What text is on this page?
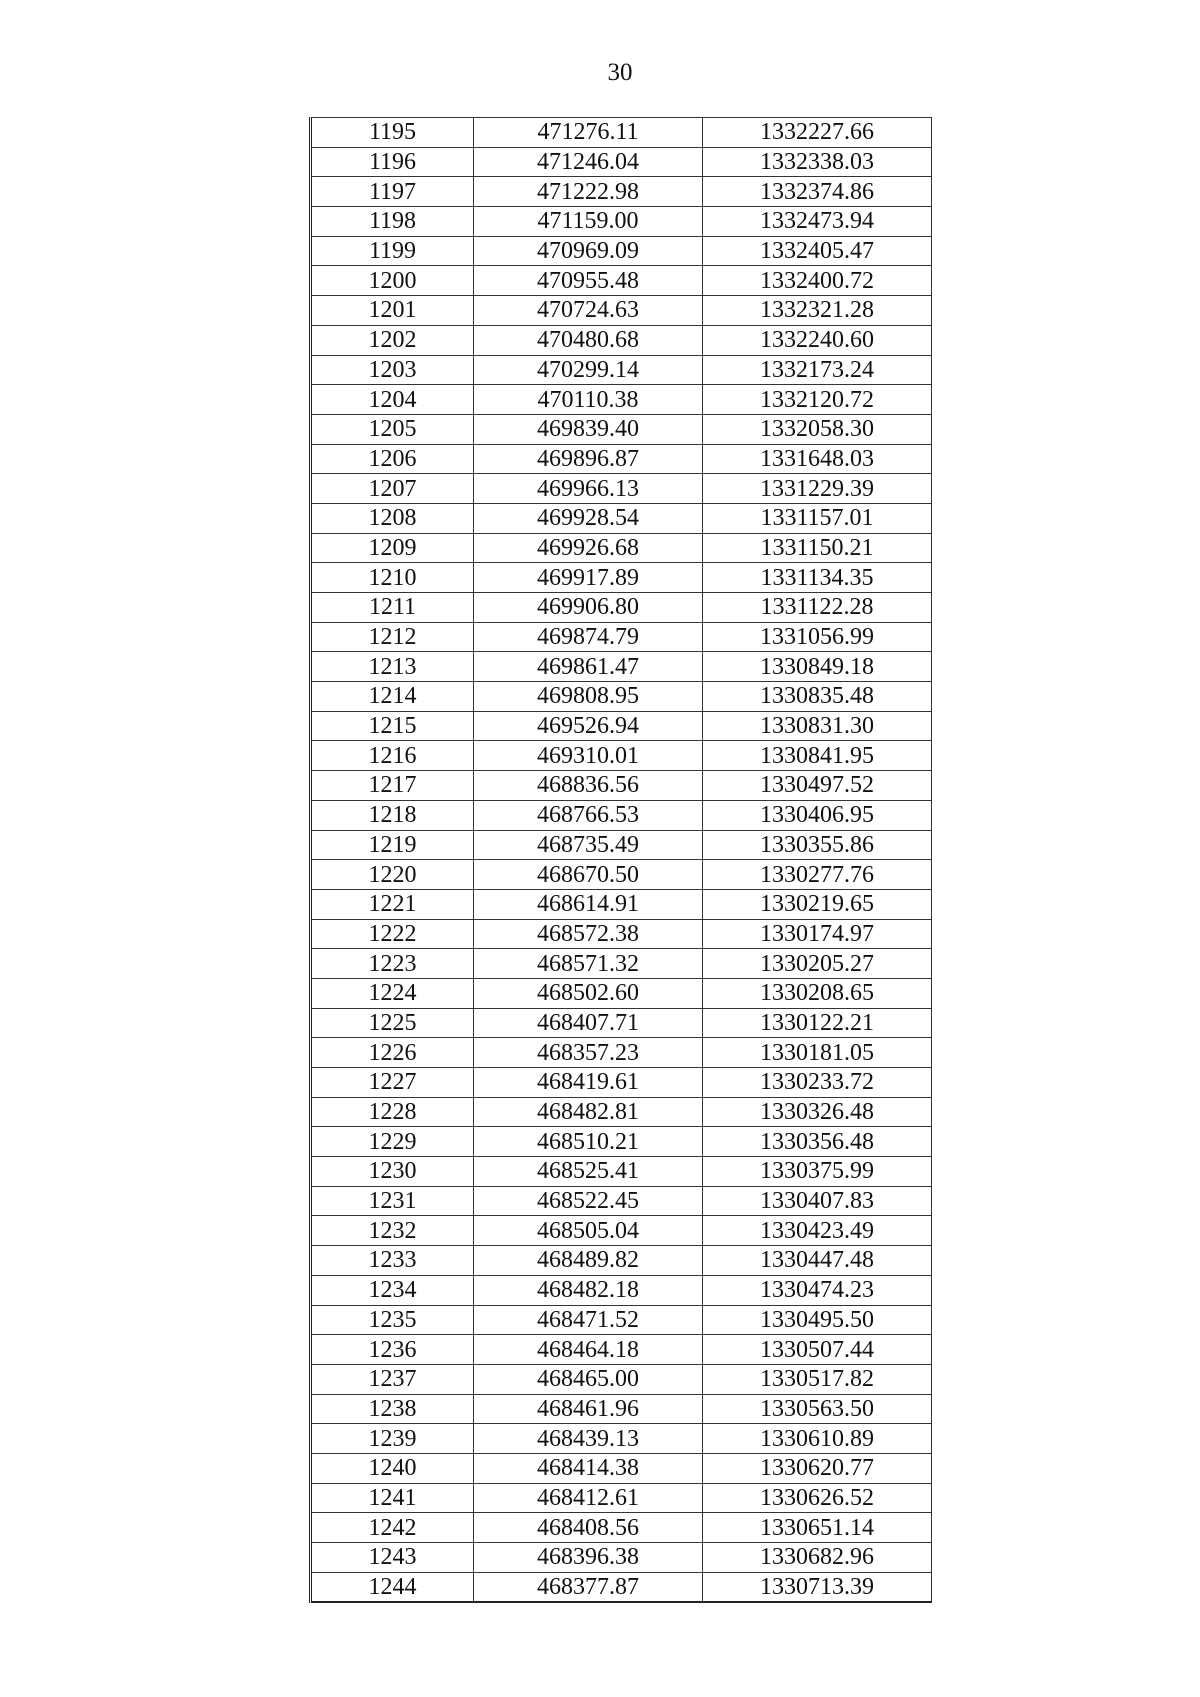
30
1195	471276.11	1332227.66
1196	471246.04	1332338.03
1197	471222.98	1332374.86
1198	471159.00	1332473.94
1199	470969.09	1332405.47
1200	470955.48	1332400.72
1201	470724.63	1332321.28
1202	470480.68	1332240.60
1203	470299.14	1332173.24
1204	470110.38	1332120.72
1205	469839.40	1332058.30
1206	469896.87	1331648.03
1207	469966.13	1331229.39
1208	469928.54	1331157.01
1209	469926.68	1331150.21
1210	469917.89	1331134.35
1211	469906.80	1331122.28
1212	469874.79	1331056.99
1213	469861.47	1330849.18
1214	469808.95	1330835.48
1215	469526.94	1330831.30
1216	469310.01	1330841.95
1217	468836.56	1330497.52
1218	468766.53	1330406.95
1219	468735.49	1330355.86
1220	468670.50	1330277.76
1221	468614.91	1330219.65
1222	468572.38	1330174.97
1223	468571.32	1330205.27
1224	468502.60	1330208.65
1225	468407.71	1330122.21
1226	468357.23	1330181.05
1227	468419.61	1330233.72
1228	468482.81	1330326.48
1229	468510.21	1330356.48
1230	468525.41	1330375.99
1231	468522.45	1330407.83
1232	468505.04	1330423.49
1233	468489.82	1330447.48
1234	468482.18	1330474.23
1235	468471.52	1330495.50
1236	468464.18	1330507.44
1237	468465.00	1330517.82
1238	468461.96	1330563.50
1239	468439.13	1330610.89
1240	468414.38	1330620.77
1241	468412.61	1330626.52
1242	468408.56	1330651.14
1243	468396.38	1330682.96
1244	468377.87	1330713.39
